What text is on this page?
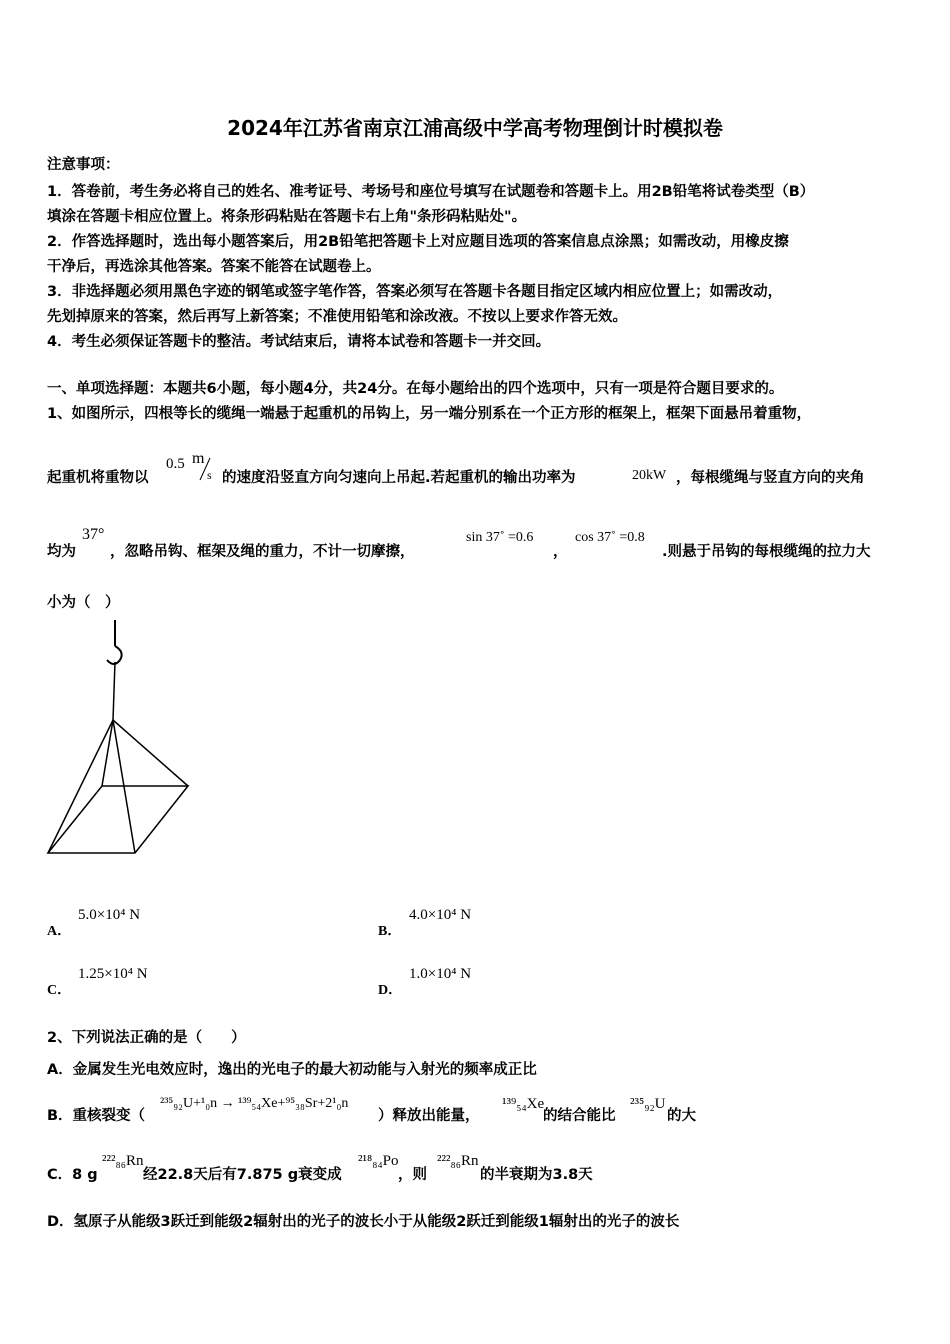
2024年江苏省南京江浦高级中学高考物理倒计时模拟卷
注意事项：
1．答卷前，考生务必将自己的姓名、准考证号、考场号和座位号填写在试题卷和答题卡上。用2B铅笔将试卷类型（B）
填涂在答题卡相应位置上。将条形码粘贴在答题卡右上角"条形码粘贴处"。
2．作答选择题时，选出每小题答案后，用2B铅笔把答题卡上对应题目选项的答案信息点涂黑；如需改动，用橡皮擦
干净后，再选涂其他答案。答案不能答在试题卷上。
3．非选择题必须用黑色字迹的钢笔或签字笔作答，答案必须写在答题卡各题目指定区域内相应位置上；如需改动，
先划掉原来的答案，然后再写上新答案；不准使用铅笔和涂改液。不按以上要求作答无效。
4．考生必须保证答题卡的整洁。考试结束后，请将本试卷和答题卡一并交回。
一、单项选择题：本题共6小题，每小题4分，共24分。在每小题给出的四个选项中，只有一项是符合题目要求的。
1、如图所示，四根等长的缆绳一端悬于起重机的吊钩上，另一端分别系在一个正方形的框架上，框架下面悬吊着重物，
起重机将重物以
0.5 m
s 的速度沿竖直方向匀速向上吊起.若起重机的输出功率为	20kW ，每根缆绳与竖直方向的夹角
均为
37°
，忽略吊钩、框架及绳的重力，不计一切摩擦，
sin 37˚ =0.6
，
cos 37˚ =0.8
.则悬于吊钩的每根缆绳的拉力大
小为（　）
A．
5.0×10⁴ N
B．
4.0×10⁴ N
C．
1.25×10⁴ N
D．
1.0×10⁴ N
2、下列说法正确的是（　　）
A．金属发生光电效应时，逸出的光电子的最大初动能与入射光的频率成正比
B．重核裂变（
²³⁵₉₂U+¹₀n → ¹³⁹₅₄Xe+⁹⁵₃₈Sr+2¹₀n
）释放出能量，
¹³⁹₅₄Xe
的结合能比
²³⁵₉₂U
的大
C．8 g
²²²₈₆Rn
经22.8天后有7.875 g衰变成
²¹⁸₈₄Po
，则
²²²₈₆Rn
的半衰期为3.8天
D．氢原子从能级3跃迁到能级2辐射出的光子的波长小于从能级2跃迁到能级1辐射出的光子的波长
